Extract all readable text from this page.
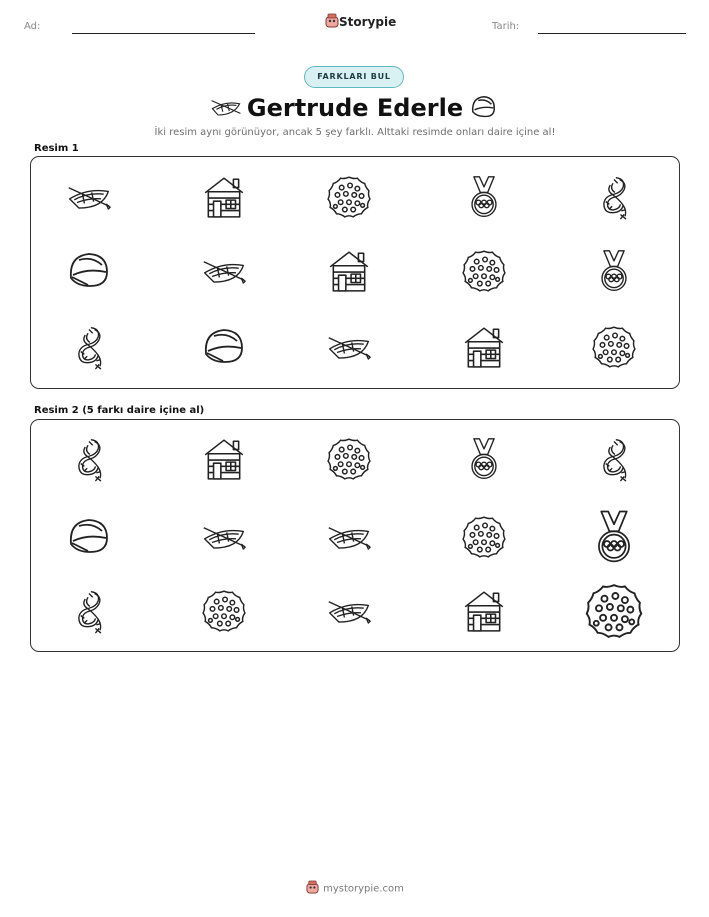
Ad:	Storypie	Tarih:
FARKLARI BUL
Gertrude Ederle
İki resim aynı görünüyor, ancak 5 şey farklı. Alttaki resimde onları daire içine al!
Resim 1
Resim 2 (5 farkı daire içine al)
mystorypie.com
